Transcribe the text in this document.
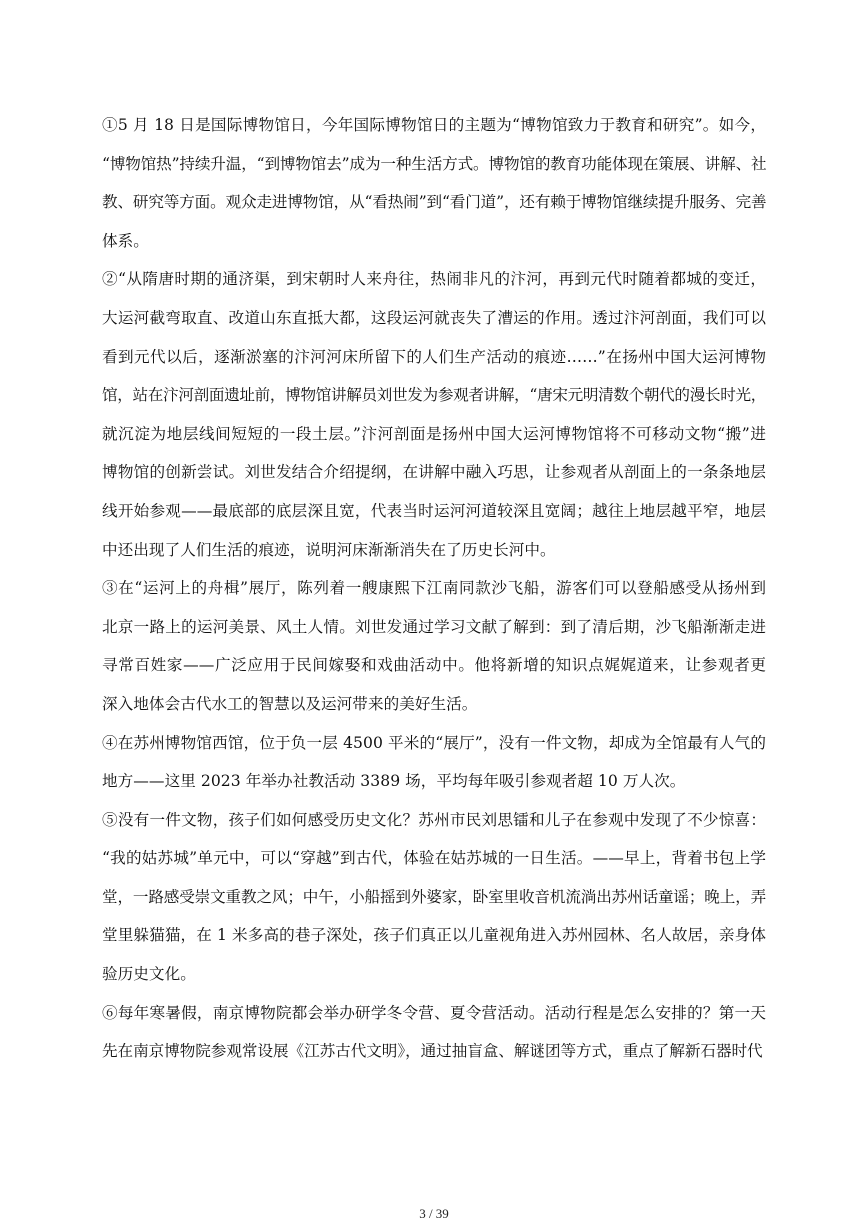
①5 月 18 日是国际博物馆日，今年国际博物馆日的主题为“博物馆致力于教育和研究”。如今，
“博物馆热”持续升温，“到博物馆去”成为一种生活方式。博物馆的教育功能体现在策展、讲解、社
教、研究等方面。观众走进博物馆，从“看热闹”到“看门道”，还有赖于博物馆继续提升服务、完善
体系。
②“从隋唐时期的通济渠，到宋朝时人来舟往，热闹非凡的汴河，再到元代时随着都城的变迁，
大运河截弯取直、改道山东直抵大都，这段运河就丧失了漕运的作用。透过汴河剖面，我们可以
看到元代以后，逐渐淤塞的汴河河床所留下的人们生产活动的痕迹……”在扬州中国大运河博物
馆，站在汴河剖面遗址前，博物馆讲解员刘世发为参观者讲解，“唐宋元明清数个朝代的漫长时光，
就沉淀为地层线间短短的一段土层。”汴河剖面是扬州中国大运河博物馆将不可移动文物“搬”进
博物馆的创新尝试。刘世发结合介绍提纲，在讲解中融入巧思，让参观者从剖面上的一条条地层
线开始参观——最底部的底层深且宽，代表当时运河河道较深且宽阔；越往上地层越平窄，地层
中还出现了人们生活的痕迹，说明河床渐渐消失在了历史长河中。
③在“运河上的舟楫”展厅，陈列着一艘康熙下江南同款沙飞船，游客们可以登船感受从扬州到
北京一路上的运河美景、风土人情。刘世发通过学习文献了解到：到了清后期，沙飞船渐渐走进
寻常百姓家——广泛应用于民间嫁娶和戏曲活动中。他将新增的知识点娓娓道来，让参观者更
深入地体会古代水工的智慧以及运河带来的美好生活。
④在苏州博物馆西馆，位于负一层 4500 平米的“展厅”，没有一件文物，却成为全馆最有人气的
地方——这里 2023 年举办社教活动 3389 场，平均每年吸引参观者超 10 万人次。
⑤没有一件文物，孩子们如何感受历史文化？苏州市民刘思镭和儿子在参观中发现了不少惊喜：
“我的姑苏城”单元中，可以“穿越”到古代，体验在姑苏城的一日生活。——早上，背着书包上学
堂，一路感受崇文重教之风；中午，小船摇到外婆家，卧室里收音机流淌出苏州话童谣；晚上，弄
堂里躲猫猫，在 1 米多高的巷子深处，孩子们真正以儿童视角进入苏州园林、名人故居，亲身体
验历史文化。
⑥每年寒暑假，南京博物院都会举办研学冬令营、夏令营活动。活动行程是怎么安排的？第一天
先在南京博物院参观常设展《江苏古代文明》，通过抽盲盒、解谜团等方式，重点了解新石器时代
3 / 39
